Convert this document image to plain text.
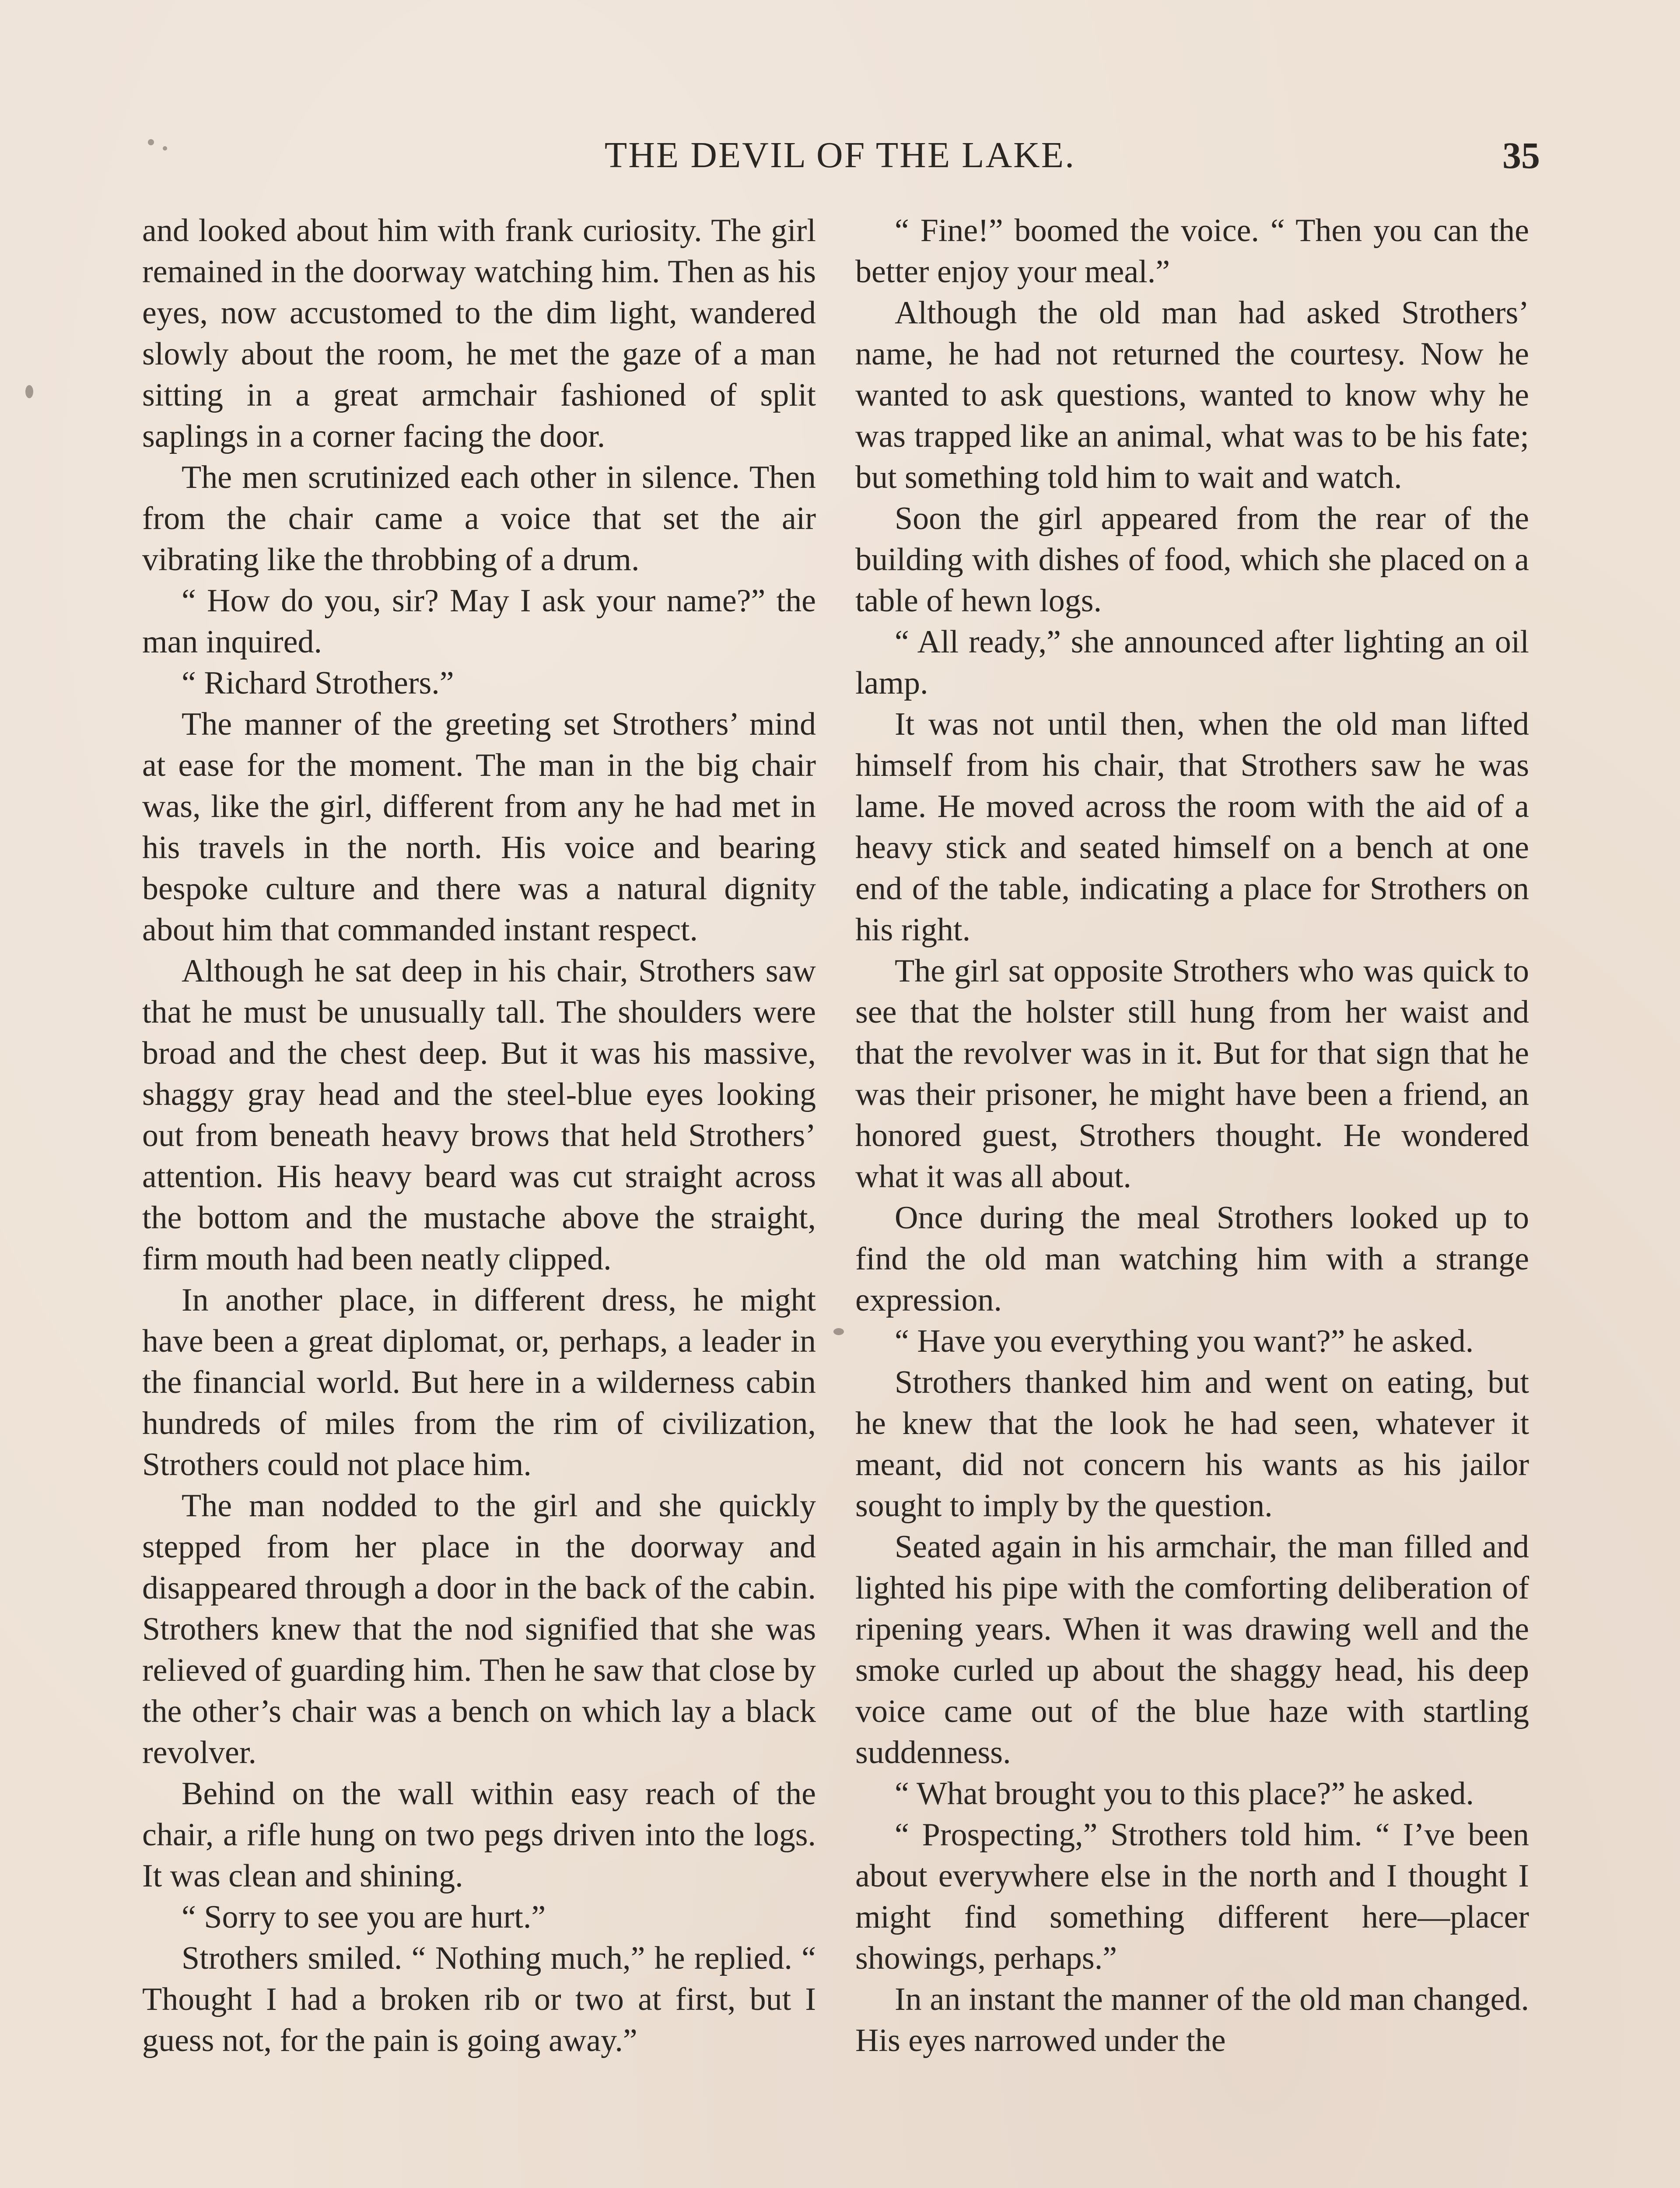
THE DEVIL OF THE LAKE.	35

and looked about him with frank curiosity. The girl remained in the doorway watching him. Then as his eyes, now accustomed to the dim light, wandered slowly about the room, he met the gaze of a man sitting in a great armchair fashioned of split saplings in a corner facing the door.

The men scrutinized each other in silence. Then from the chair came a voice that set the air vibrating like the throbbing of a drum.

“ How do you, sir? May I ask your name?” the man inquired.

“ Richard Strothers.”

The manner of the greeting set Strothers’ mind at ease for the moment. The man in the big chair was, like the girl, different from any he had met in his travels in the north. His voice and bearing bespoke culture and there was a natural dignity about him that commanded instant respect.

Although he sat deep in his chair, Strothers saw that he must be unusually tall. The shoulders were broad and the chest deep. But it was his massive, shaggy gray head and the steel-blue eyes looking out from beneath heavy brows that held Strothers’ attention. His heavy beard was cut straight across the bottom and the mustache above the straight, firm mouth had been neatly clipped.

In another place, in different dress, he might have been a great diplomat, or, perhaps, a leader in the financial world. But here in a wilderness cabin hundreds of miles from the rim of civilization, Strothers could not place him.

The man nodded to the girl and she quickly stepped from her place in the doorway and disappeared through a door in the back of the cabin. Strothers knew that the nod signified that she was relieved of guarding him. Then he saw that close by the other’s chair was a bench on which lay a black revolver.

Behind on the wall within easy reach of the chair, a rifle hung on two pegs driven into the logs. It was clean and shining.

“ Sorry to see you are hurt.”

Strothers smiled. “ Nothing much,” he replied. “ Thought I had a broken rib or two at first, but I guess not, for the pain is going away.”

“ Fine!” boomed the voice. “ Then you can the better enjoy your meal.”

Although the old man had asked Strothers’ name, he had not returned the courtesy. Now he wanted to ask questions, wanted to know why he was trapped like an animal, what was to be his fate; but something told him to wait and watch.

Soon the girl appeared from the rear of the building with dishes of food, which she placed on a table of hewn logs.

“ All ready,” she announced after lighting an oil lamp.

It was not until then, when the old man lifted himself from his chair, that Strothers saw he was lame. He moved across the room with the aid of a heavy stick and seated himself on a bench at one end of the table, indicating a place for Strothers on his right.

The girl sat opposite Strothers who was quick to see that the holster still hung from her waist and that the revolver was in it. But for that sign that he was their prisoner, he might have been a friend, an honored guest, Strothers thought. He wondered what it was all about.

Once during the meal Strothers looked up to find the old man watching him with a strange expression.

“ Have you everything you want?” he asked.

Strothers thanked him and went on eating, but he knew that the look he had seen, whatever it meant, did not concern his wants as his jailor sought to imply by the question.

Seated again in his armchair, the man filled and lighted his pipe with the comforting deliberation of ripening years. When it was drawing well and the smoke curled up about the shaggy head, his deep voice came out of the blue haze with startling suddenness.

“ What brought you to this place?” he asked.

“ Prospecting,” Strothers told him. “ I’ve been about everywhere else in the north and I thought I might find something different here—placer showings, perhaps.”

In an instant the manner of the old man changed. His eyes narrowed under the
